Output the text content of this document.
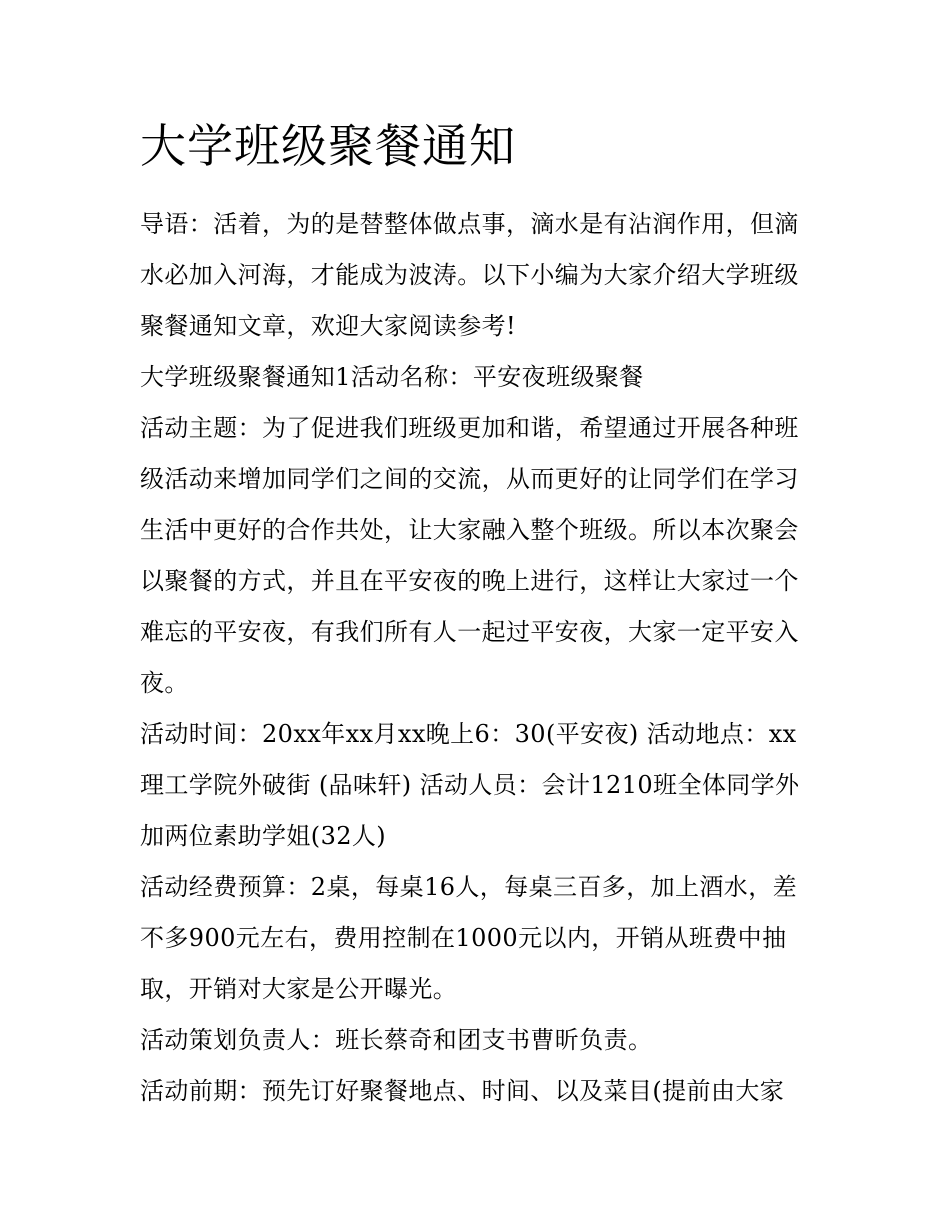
大学班级聚餐通知

导语：活着，为的是替整体做点事，滴水是有沾润作用，但滴水必加入河海，才能成为波涛。以下小编为大家介绍大学班级聚餐通知文章，欢迎大家阅读参考!

大学班级聚餐通知1活动名称：平安夜班级聚餐

活动主题：为了促进我们班级更加和谐，希望通过开展各种班级活动来增加同学们之间的交流，从而更好的让同学们在学习生活中更好的合作共处，让大家融入整个班级。所以本次聚会以聚餐的方式，并且在平安夜的晚上进行，这样让大家过一个难忘的平安夜，有我们所有人一起过平安夜，大家一定平安入夜。

活动时间：20xx年xx月xx晚上6：30(平安夜) 活动地点：xx理工学院外破街 (品味轩) 活动人员：会计1210班全体同学外加两位素助学姐(32人)

活动经费预算：2桌，每桌16人，每桌三百多，加上酒水，差不多900元左右，费用控制在1000元以内，开销从班费中抽取，开销对大家是公开曝光。

活动策划负责人：班长蔡奇和团支书曹昕负责。

活动前期：预先订好聚餐地点、时间、以及菜目(提前由大家
